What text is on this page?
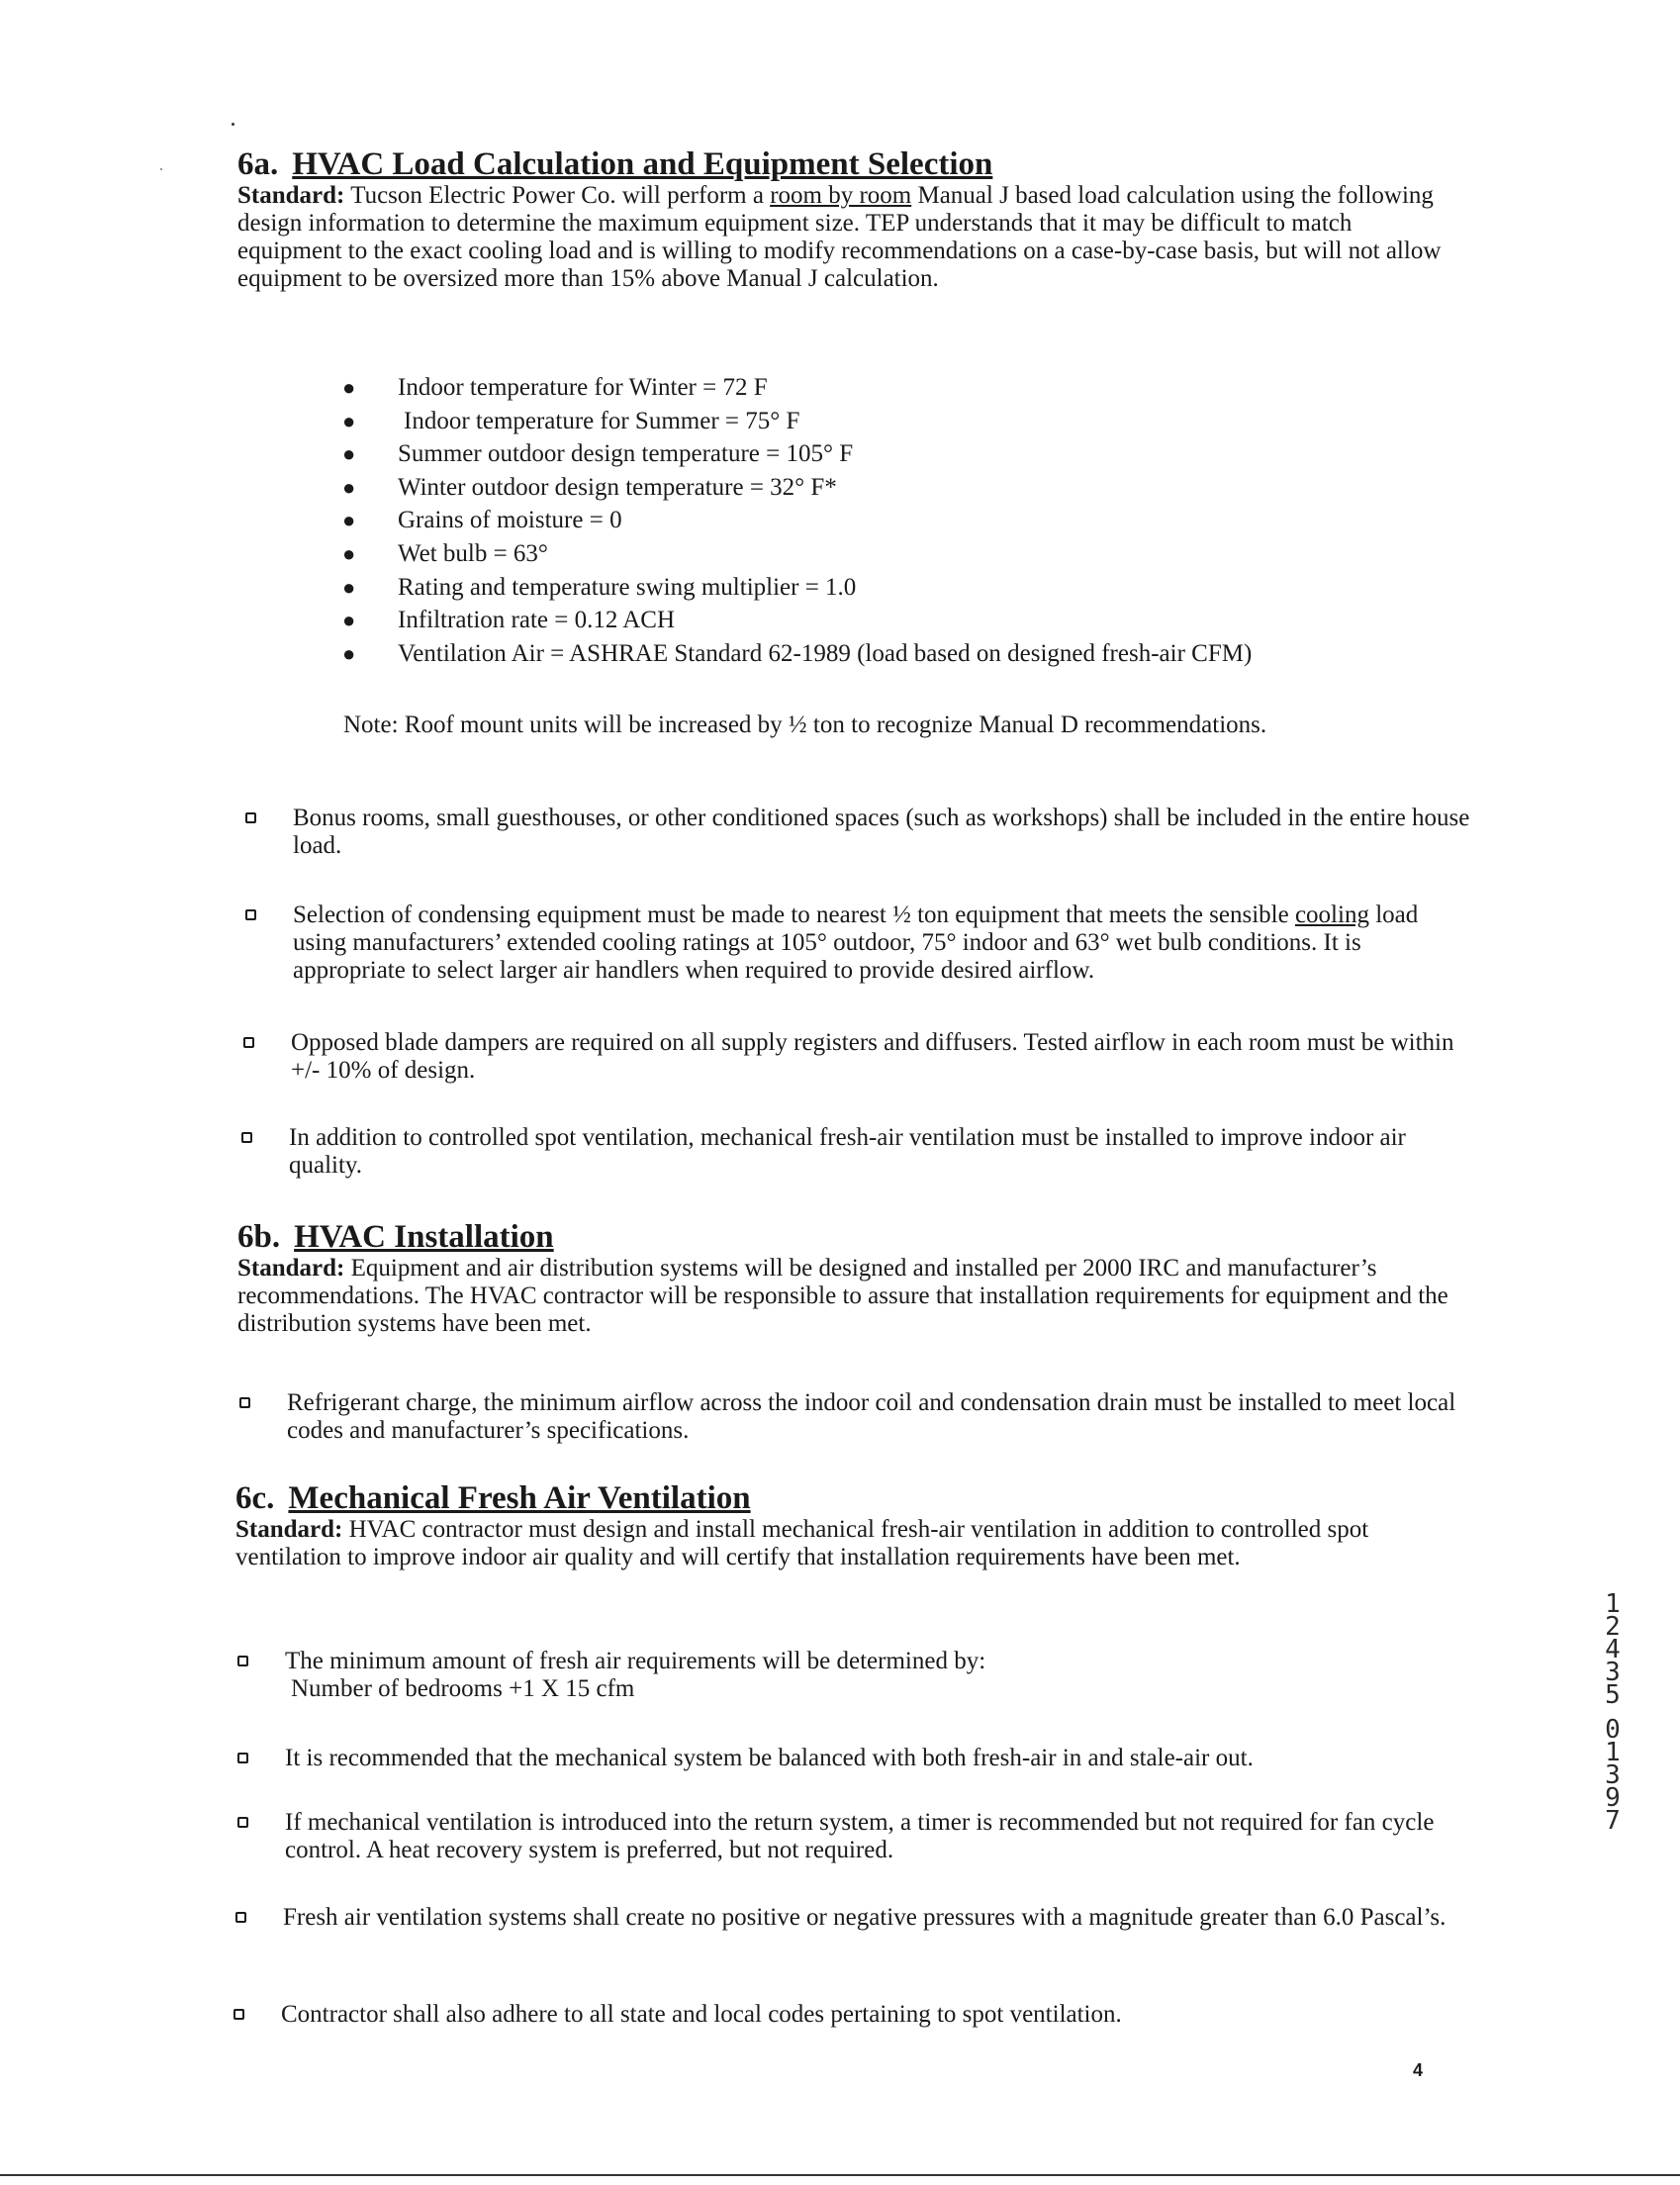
6a. HVAC Load Calculation and Equipment Selection

Standard: Tucson Electric Power Co. will perform a room by room Manual J based load calculation using the following design information to determine the maximum equipment size. TEP understands that it may be difficult to match equipment to the exact cooling load and is willing to modify recommendations on a case-by-case basis, but will not allow equipment to be oversized more than 15% above Manual J calculation.

● Indoor temperature for Winter = 72 F
● Indoor temperature for Summer = 75° F
● Summer outdoor design temperature = 105° F
● Winter outdoor design temperature = 32° F*
● Grains of moisture = 0
● Wet bulb = 63°
● Rating and temperature swing multiplier = 1.0
● Infiltration rate = 0.12 ACH
● Ventilation Air = ASHRAE Standard 62-1989 (load based on designed fresh-air CFM)
Note: Roof mount units will be increased by ½ ton to recognize Manual D recommendations.
Bonus rooms, small guesthouses, or other conditioned spaces (such as workshops) shall be included in the entire house load.
Selection of condensing equipment must be made to nearest ½ ton equipment that meets the sensible cooling load using manufacturers’ extended cooling ratings at 105° outdoor, 75° indoor and 63° wet bulb conditions. It is appropriate to select larger air handlers when required to provide desired airflow.
Opposed blade dampers are required on all supply registers and diffusers. Tested airflow in each room must be within +/- 10% of design.
In addition to controlled spot ventilation, mechanical fresh-air ventilation must be installed to improve indoor air quality.
6b. HVAC Installation

Standard: Equipment and air distribution systems will be designed and installed per 2000 IRC and manufacturer’s recommendations. The HVAC contractor will be responsible to assure that installation requirements for equipment and the distribution systems have been met.

Refrigerant charge, the minimum airflow across the indoor coil and condensation drain must be installed to meet local codes and manufacturer’s specifications.
6c. Mechanical Fresh Air Ventilation

Standard: HVAC contractor must design and install mechanical fresh-air ventilation in addition to controlled spot ventilation to improve indoor air quality and will certify that installation requirements have been met.

The minimum amount of fresh air requirements will be determined by:
Number of bedrooms +1 X 15 cfm
It is recommended that the mechanical system be balanced with both fresh-air in and stale-air out.
If mechanical ventilation is introduced into the return system, a timer is recommended but not required for fan cycle control. A heat recovery system is preferred, but not required.
Fresh air ventilation systems shall create no positive or negative pressures with a magnitude greater than 6.0 Pascal’s.
Contractor shall also adhere to all state and local codes pertaining to spot ventilation.
4
1
2
4
3
5
0
1
3
9
7
